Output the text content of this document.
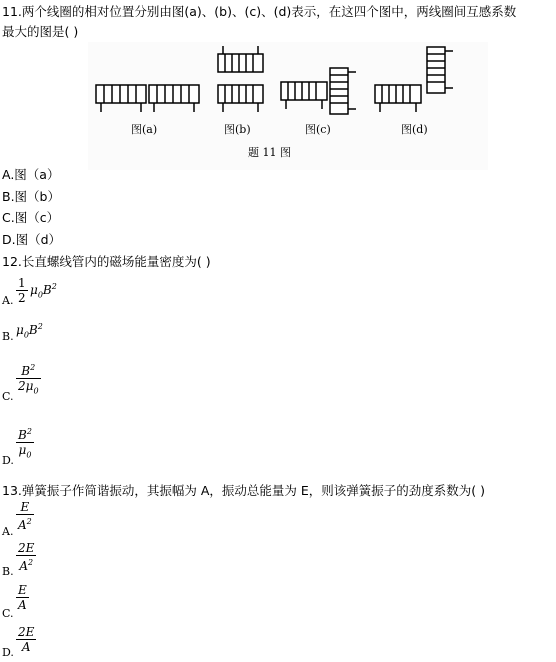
11.两个线圈的相对位置分别由图(a)、(b)、(c)、(d)表示，在这四个图中，两线圈间互感系数
最大的图是( )
图(a)	图(b)	图(c)	图(d)
题 11 图
A.图（a）
B.图（b）
C.图（c）
D.图（d）
12.长直螺线管内的磁场能量密度为( )
A. $\frac{1}{2} \mu_0B^2$
B. $\mu_0B^2$
C. $\frac{B^2}{2\mu_0}$
D. $\frac{B^2}{\mu_0}$
13.弹簧振子作简谐振动，其振幅为 A，振动总能量为 E，则该弹簧振子的劲度系数为( )
A. $\frac{E}{A^2}$
B. $\frac{2E}{A^2}$
C.
$\frac{E}{A}$
D. $\frac{2E}{A}$
